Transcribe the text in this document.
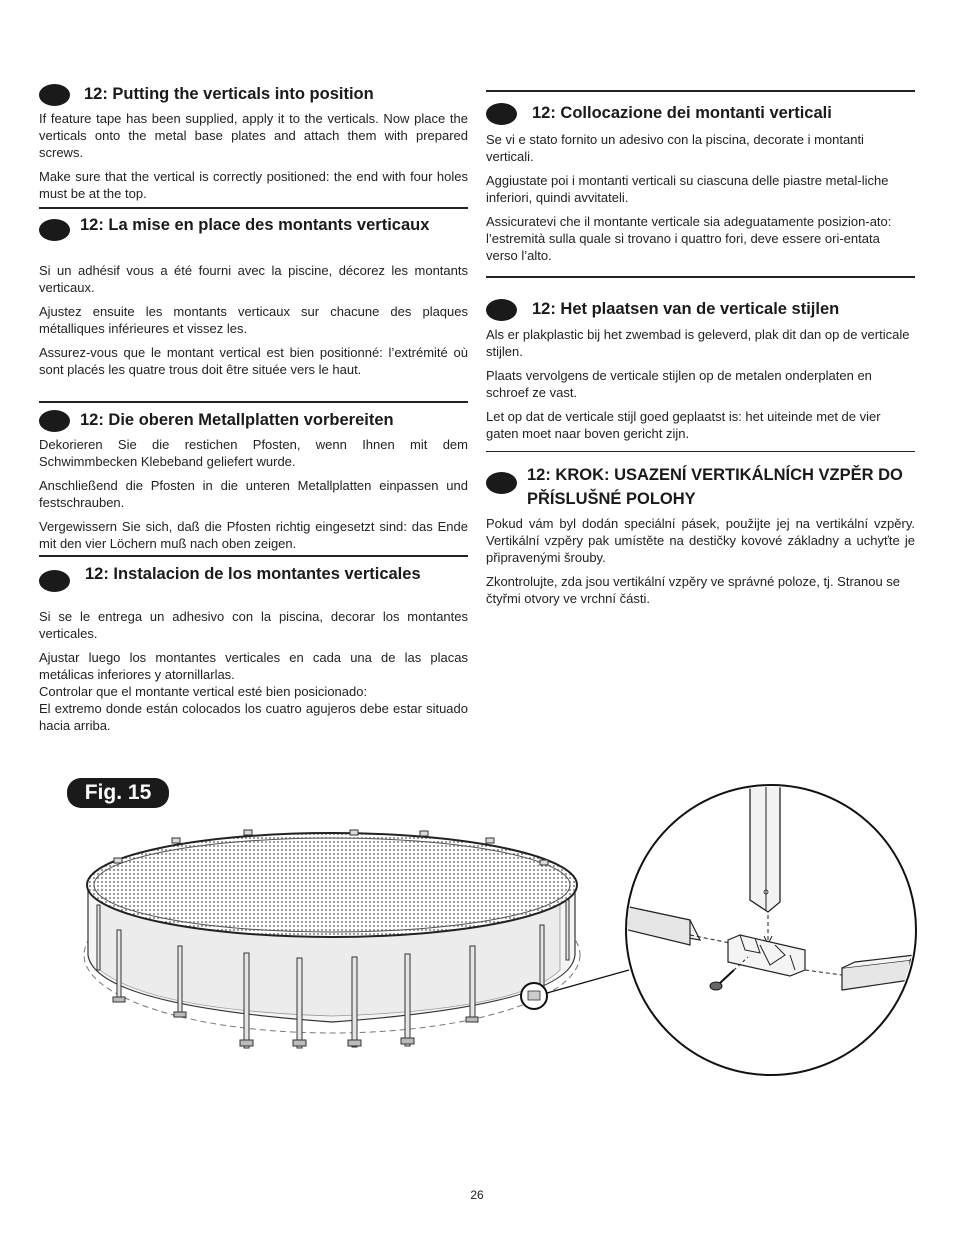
12: Putting the verticals into position

If feature tape has been supplied, apply it to the verticals. Now place the verticals onto the metal base plates and attach them with prepared screws.

Make sure that the vertical is correctly positioned: the end with four holes must be at the top.

12: La mise en place des montants verticaux

Si un adhésif vous a été fourni avec la piscine, décorez les montants verticaux.

Ajustez ensuite les montants verticaux sur chacune des plaques métalliques inférieures et vissez les.

Assurez-vous que le montant vertical est bien positionné: l’extrémité où sont placés les quatre trous doit être située vers le haut.

12: Die oberen Metallplatten vorbereiten

Dekorieren Sie die restichen Pfosten, wenn Ihnen mit dem Schwimmbecken Klebeband geliefert wurde.

Anschließend die Pfosten in die unteren Metallplatten einpassen und festschrauben.

Vergewissern Sie sich, daß die Pfosten richtig eingesetzt sind: das Ende mit den vier Löchern muß nach oben zeigen.

12: Instalacion de los montantes verticales

Si se le entrega un adhesivo con la piscina, decorar los montantes verticales.

Ajustar luego los montantes verticales en cada una de las placas metálicas inferiores y atornillarlas.

Controlar que el montante vertical esté bien posicionado:

El extremo donde están colocados los cuatro agujeros debe estar situado hacia arriba.

12: Collocazione dei montanti verticali

Se vi e stato fornito un adesivo con la piscina, decorate i montanti verticali.

Aggiustate poi i montanti verticali su ciascuna delle piastre metal-liche inferiori, quindi avvitateli.

Assicuratevi che il montante verticale sia adeguatamente posizion-ato: l’estremità sulla quale si trovano i quattro fori, deve essere ori-entata verso l’alto.

12: Het plaatsen van de verticale stijlen

Als er plakplastic bij het zwembad is geleverd, plak dit dan op de verticale stijlen.

Plaats vervolgens de verticale stijlen op de metalen onderplaten en schroef ze vast.

Let op dat de verticale stijl goed geplaatst is: het uiteinde met de vier gaten moet naar boven gericht zijn.

12: KROK: USAZENÍ VERTIKÁLNÍCH VZPĚR DO PŘÍSLUŠNÉ POLOHY

Pokud vám byl dodán speciální pásek, použijte jej na vertikální vzpěry. Vertikální vzpěry pak umístěte na destičky kovové základny a uchyťte je připravenými šrouby.

Zkontrolujte, zda jsou vertikální vzpěry ve správné poloze, tj. Stranou se čtyřmi otvory ve vrchní části.

Fig. 15
26
